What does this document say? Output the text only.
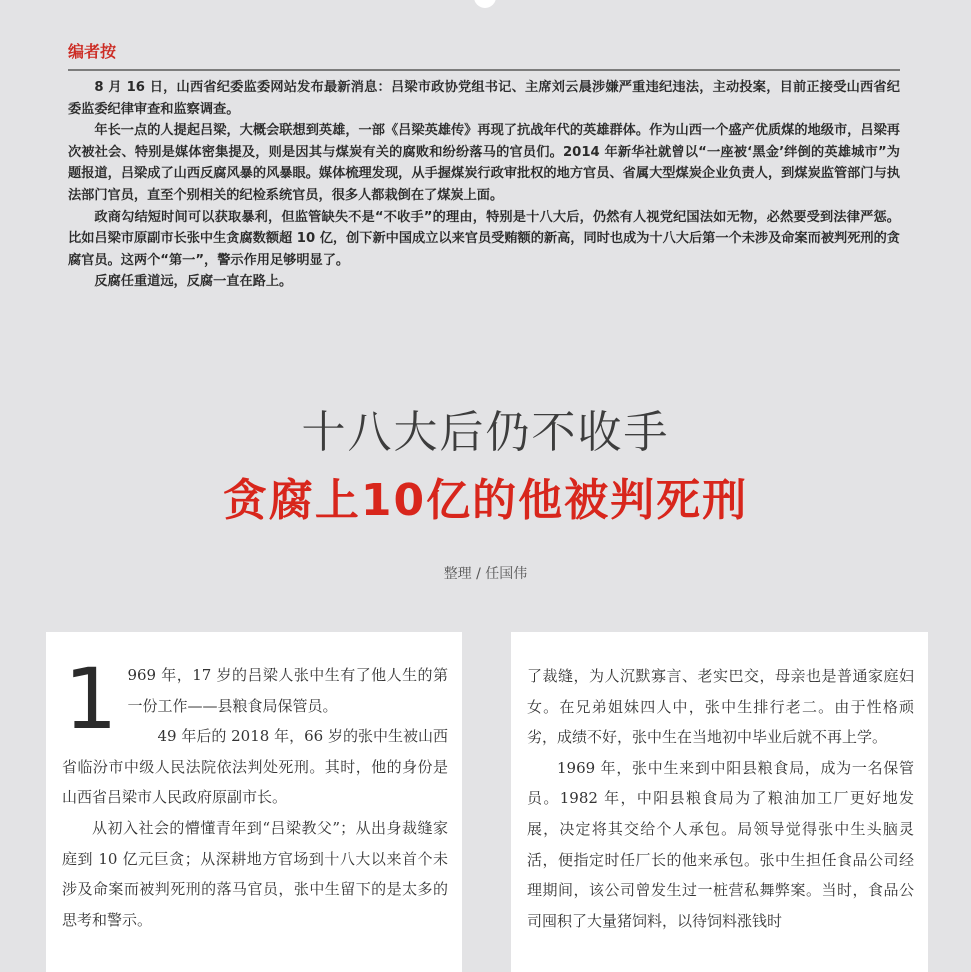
编者按

8 月 16 日，山西省纪委监委网站发布最新消息：吕梁市政协党组书记、主席刘云晨涉嫌严重违纪违法，主动投案，目前正接受山西省纪委监委纪律审查和监察调查。

年长一点的人提起吕梁，大概会联想到英雄，一部《吕梁英雄传》再现了抗战年代的英雄群体。作为山西一个盛产优质煤的地级市，吕梁再次被社会、特别是媒体密集提及，则是因其与煤炭有关的腐败和纷纷落马的官员们。2014 年新华社就曾以“一座被‘黑金’绊倒的英雄城市”为题报道，吕梁成了山西反腐风暴的风暴眼。媒体梳理发现，从手握煤炭行政审批权的地方官员、省属大型煤炭企业负责人，到煤炭监管部门与执法部门官员，直至个别相关的纪检系统官员，很多人都栽倒在了煤炭上面。

政商勾结短时间可以获取暴利，但监管缺失不是“不收手”的理由，特别是十八大后，仍然有人视党纪国法如无物，必然要受到法律严惩。比如吕梁市原副市长张中生贪腐数额超 10 亿，创下新中国成立以来官员受贿额的新高，同时也成为十八大后第一个未涉及命案而被判死刑的贪腐官员。这两个“第一”，警示作用足够明显了。

反腐任重道远，反腐一直在路上。

十八大后仍不收手
贪腐上10亿的他被判死刑
整理 / 任国伟
1 969 年，17 岁的吕梁人张中生有了他人生的第一份工作——县粮食局保管员。

49 年后的 2018 年，66 岁的张中生被山西省临汾市中级人民法院依法判处死刑。其时，他的身份是山西省吕梁市人民政府原副市长。

从初入社会的懵懂青年到“吕梁教父”；从出身裁缝家庭到 10 亿元巨贪；从深耕地方官场到十八大以来首个未涉及命案而被判死刑的落马官员，张中生留下的是太多的思考和警示。

了裁缝，为人沉默寡言、老实巴交，母亲也是普通家庭妇女。在兄弟姐妹四人中，张中生排行老二。由于性格顽劣，成绩不好，张中生在当地初中毕业后就不再上学。

1969 年，张中生来到中阳县粮食局，成为一名保管员。1982 年，中阳县粮食局为了粮油加工厂更好地发展，决定将其交给个人承包。局领导觉得张中生头脑灵活，便指定时任厂长的他来承包。张中生担任食品公司经理期间，该公司曾发生过一桩营私舞弊案。当时，食品公司囤积了大量猪饲料，以待饲料涨钱时
